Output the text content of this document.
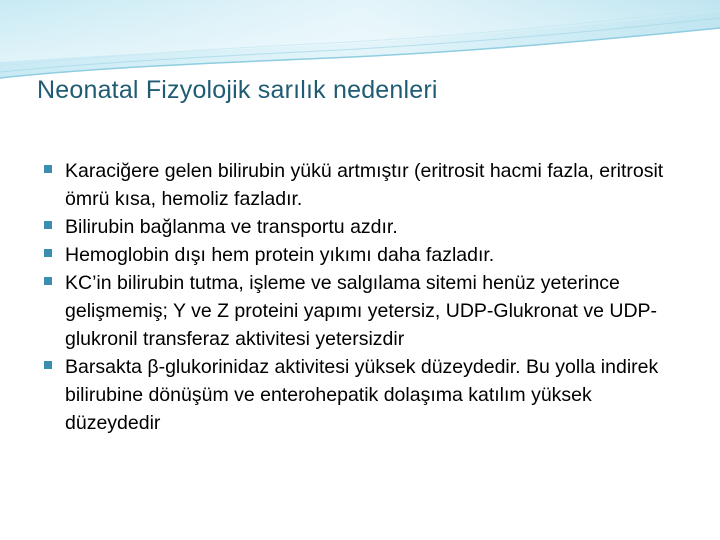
Neonatal Fizyolojik sarılık nedenleri
Karaciğere gelen bilirubin yükü artmıştır (eritrosit hacmi fazla, eritrosit ömrü kısa, hemoliz fazladır.
Bilirubin bağlanma ve transportu azdır.
Hemoglobin dışı hem protein yıkımı daha fazladır.
KC’in bilirubin tutma, işleme ve salgılama sitemi henüz yeterince gelişmemiş; Y ve Z proteini yapımı yetersiz, UDP-Glukronat ve UDP-glukronil transferaz aktivitesi yetersizdir
Barsakta β-glukorinidaz aktivitesi yüksek düzeydedir. Bu yolla indirek bilirubine dönüşüm ve enterohepatik dolaşıma katılım yüksek düzeydedir
